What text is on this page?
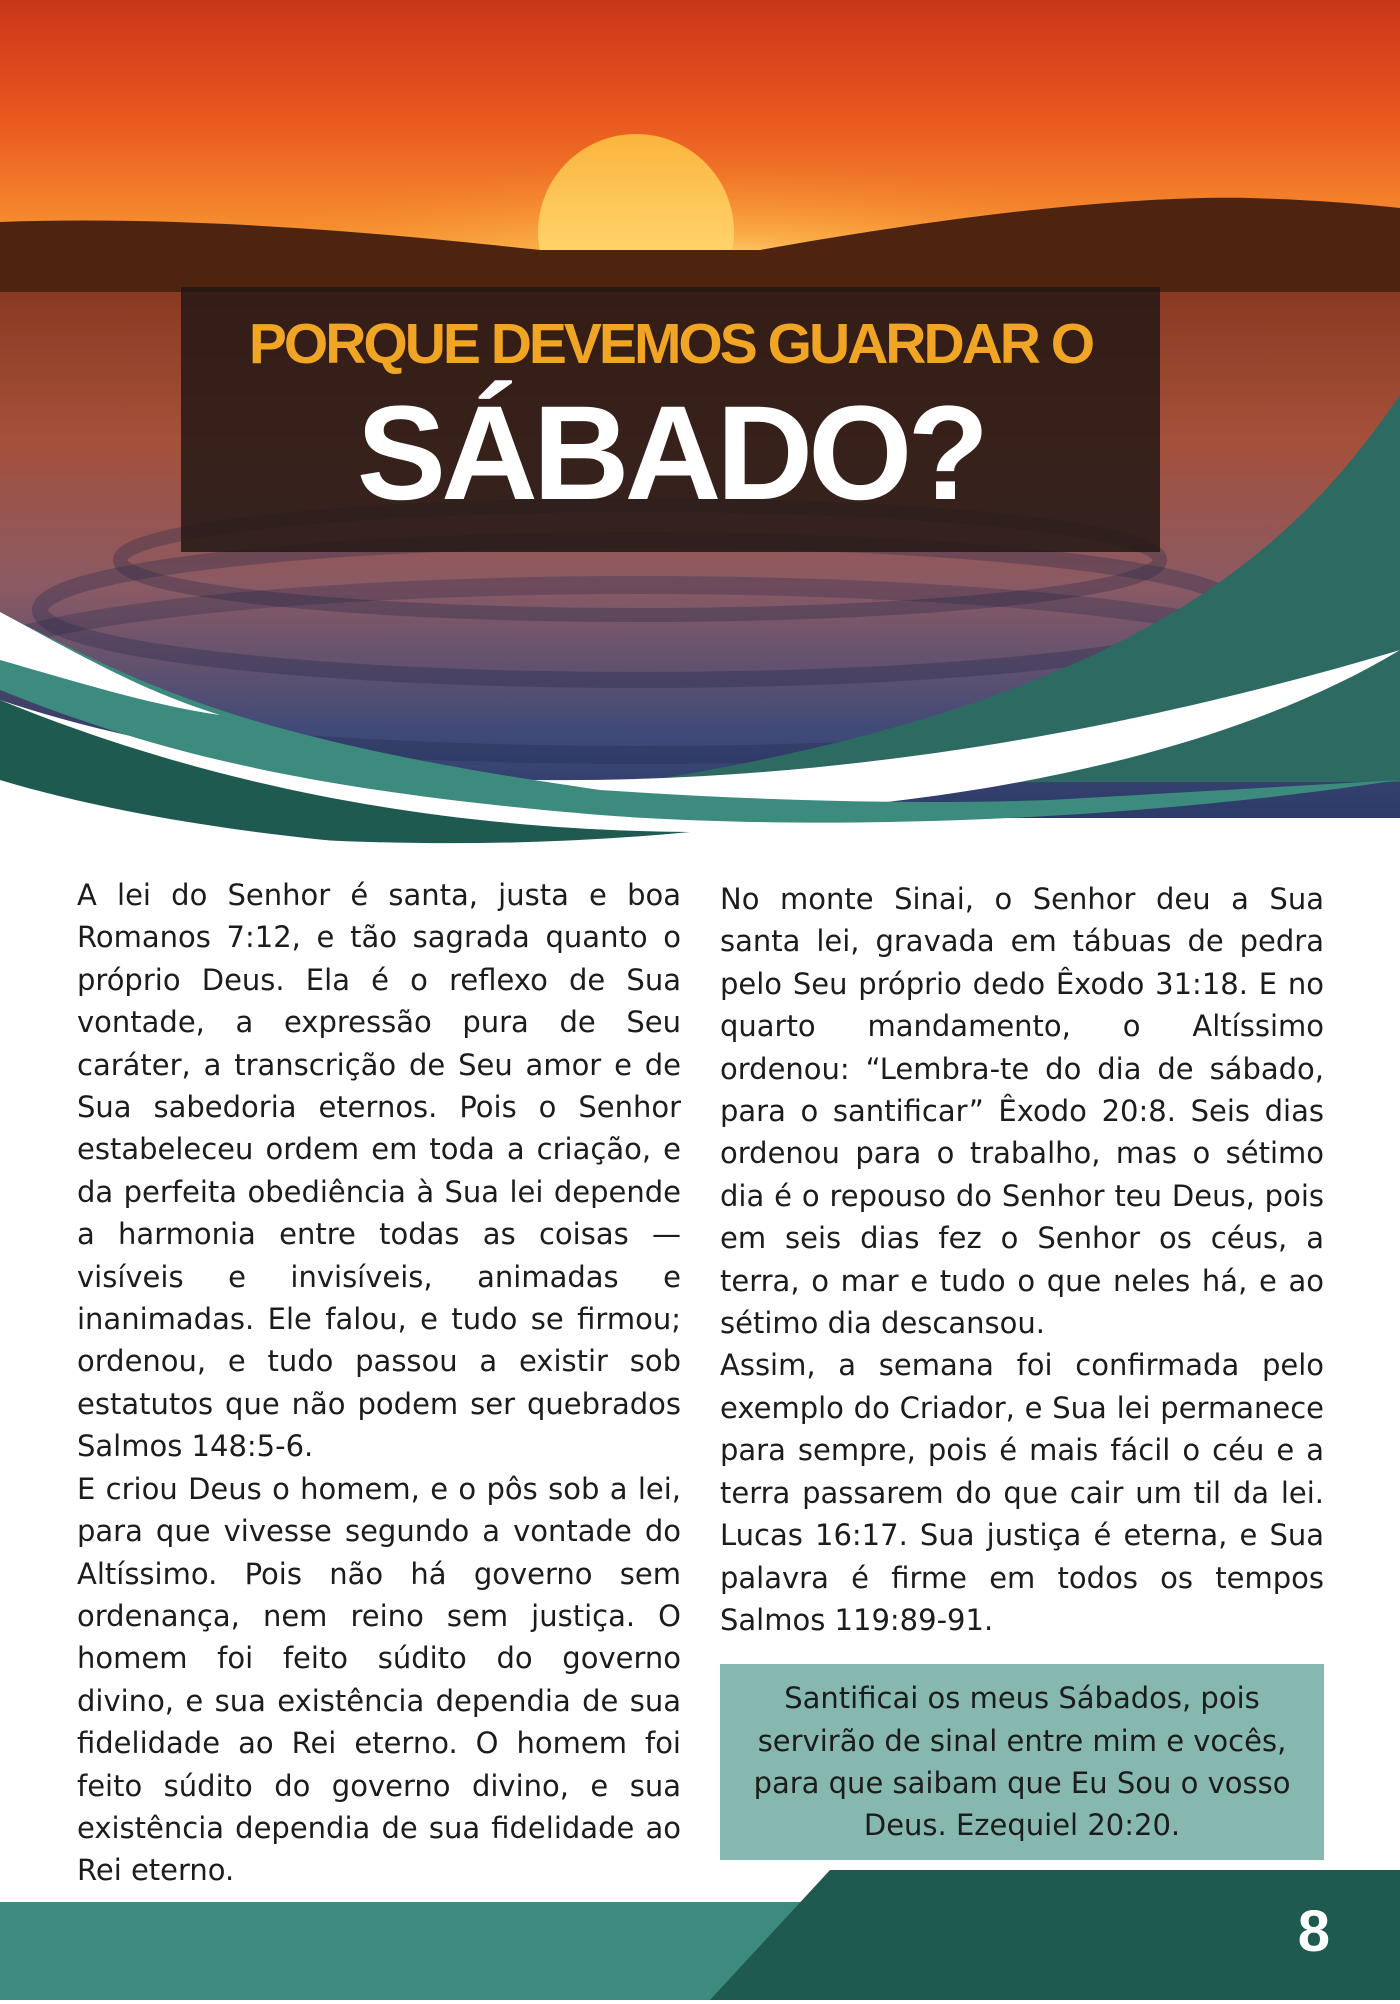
PORQUE DEVEMOS GUARDAR O
SÁBADO?

A lei do Senhor é santa, justa e boa Romanos 7:12, e tão sagrada quanto o próprio Deus. Ela é o reflexo de Sua vontade, a expressão pura de Seu caráter, a transcrição de Seu amor e de Sua sabedoria eternos. Pois o Senhor estabeleceu ordem em toda a criação, e da perfeita obediência à Sua lei depende a harmonia entre todas as coisas — visíveis e invisíveis, animadas e inanimadas. Ele falou, e tudo se firmou; ordenou, e tudo passou a existir sob estatutos que não podem ser quebrados Salmos 148:5-6.

E criou Deus o homem, e o pôs sob a lei, para que vivesse segundo a vontade do Altíssimo. Pois não há governo sem ordenança, nem reino sem justiça. O homem foi feito súdito do governo divino, e sua existência dependia de sua fidelidade ao Rei eterno. O homem foi feito súdito do governo divino, e sua existência dependia de sua fidelidade ao Rei eterno.

No monte Sinai, o Senhor deu a Sua santa lei, gravada em tábuas de pedra pelo Seu próprio dedo Êxodo 31:18. E no quarto mandamento, o Altíssimo ordenou: “Lembra-te do dia de sábado, para o santificar” Êxodo 20:8. Seis dias ordenou para o trabalho, mas o sétimo dia é o repouso do Senhor teu Deus, pois em seis dias fez o Senhor os céus, a terra, o mar e tudo o que neles há, e ao sétimo dia descansou.

Assim, a semana foi confirmada pelo exemplo do Criador, e Sua lei permanece para sempre, pois é mais fácil o céu e a terra passarem do que cair um til da lei. Lucas 16:17. Sua justiça é eterna, e Sua palavra é firme em todos os tempos Salmos 119:89-91.

Santificai os meus Sábados, pois servirão de sinal entre mim e vocês, para que saibam que Eu Sou o vosso Deus. Ezequiel 20:20.
8
